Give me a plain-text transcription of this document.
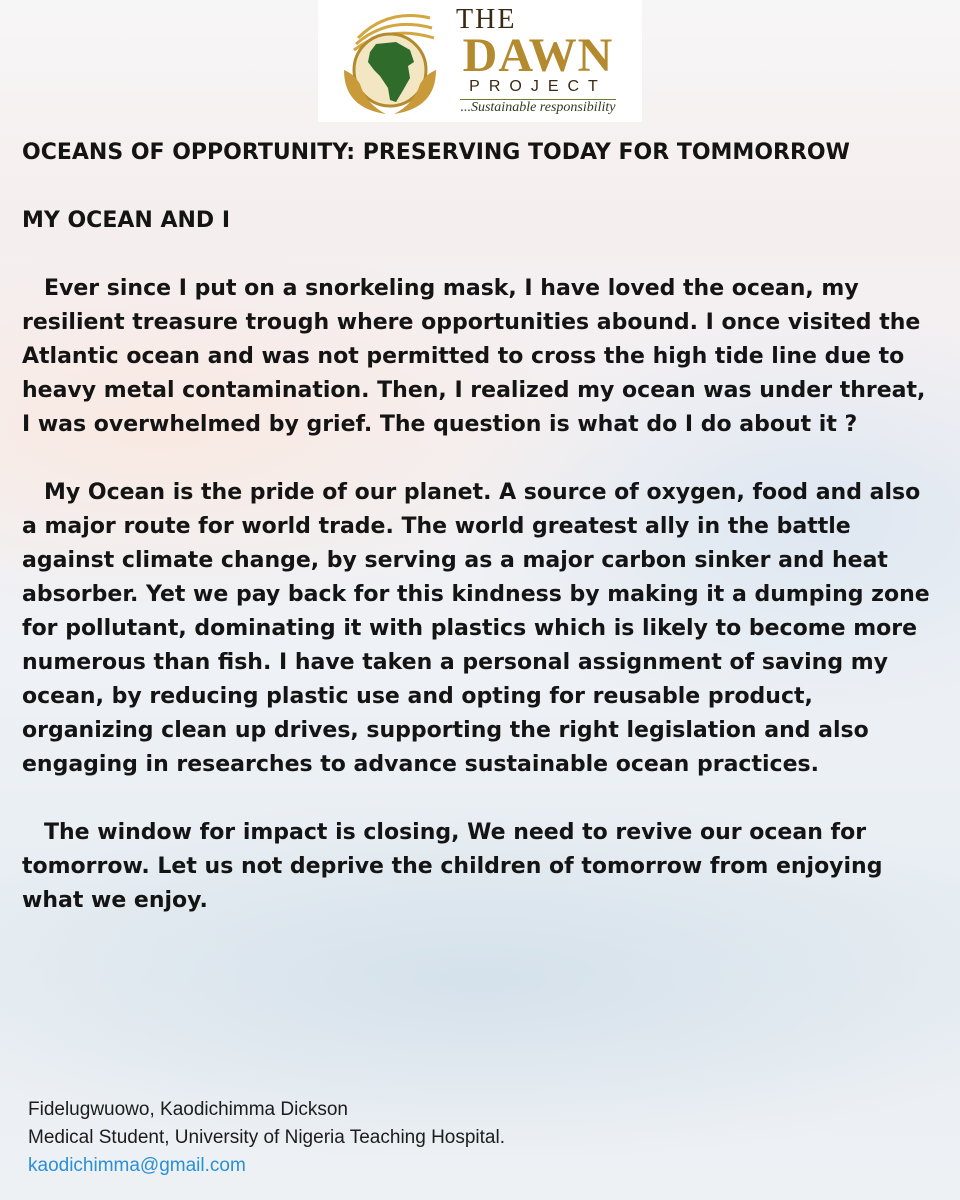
THE
DAWN
PROJECT
...Sustainable responsibility
OCEANS OF OPPORTUNITY: PRESERVING TODAY FOR TOMMORROW
MY OCEAN AND I
Ever since I put on a snorkeling mask, I have loved the ocean, my resilient treasure trough where opportunities abound. I once visited the Atlantic ocean and was not permitted to cross the high tide line due to heavy metal contamination. Then, I realized my ocean was under threat, I was overwhelmed by grief. The question is what do I do about it ?
My Ocean is the pride of our planet. A source of oxygen, food and also a major route for world trade. The world greatest ally in the battle against climate change, by serving as a major carbon sinker and heat absorber. Yet we pay back for this kindness by making it a dumping zone for pollutant, dominating it with plastics which is likely to become more numerous than fish. I have taken a personal assignment of saving my ocean, by reducing plastic use and opting for reusable product, organizing clean up drives, supporting the right legislation and also engaging in researches to advance sustainable ocean practices.
The window for impact is closing, We need to revive our ocean for tomorrow. Let us not deprive the children of tomorrow from enjoying what we enjoy.
Fidelugwuowo, Kaodichimma Dickson
Medical Student, University of Nigeria Teaching Hospital.
kaodichimma@gmail.com
